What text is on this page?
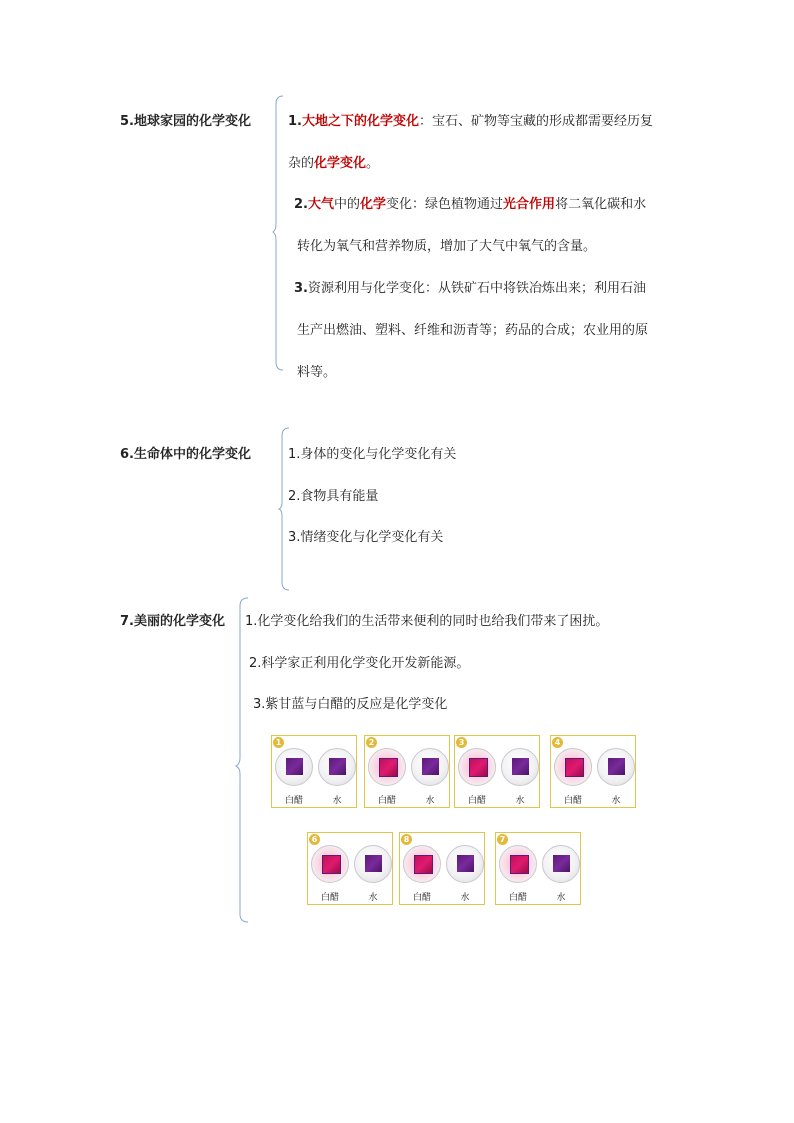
5.地球家园的化学变化	1.大地之下的化学变化：宝石、矿物等宝藏的形成都需要经历复
杂的化学变化。
2.大气中的化学变化：绿色植物通过光合作用将二氧化碳和水
转化为氧气和营养物质，增加了大气中氧气的含量。
3.资源利用与化学变化：从铁矿石中将铁冶炼出来；利用石油
生产出燃油、塑料、纤维和沥青等；药品的合成；农业用的原
料等。
6.生命体中的化学变化	1.身体的变化与化学变化有关
2.食物具有能量
3.情绪变化与化学变化有关
7.美丽的化学变化 1.化学变化给我们的生活带来便利的同时也给我们带来了困扰。
2.科学家正利用化学变化开发新能源。
3.紫甘蓝与白醋的反应是化学变化
1
白醋	水
2
白醋	水
3
白醋	水
4
白醋	水
6
白醋	水
8
白醋	水
7
白醋	水
